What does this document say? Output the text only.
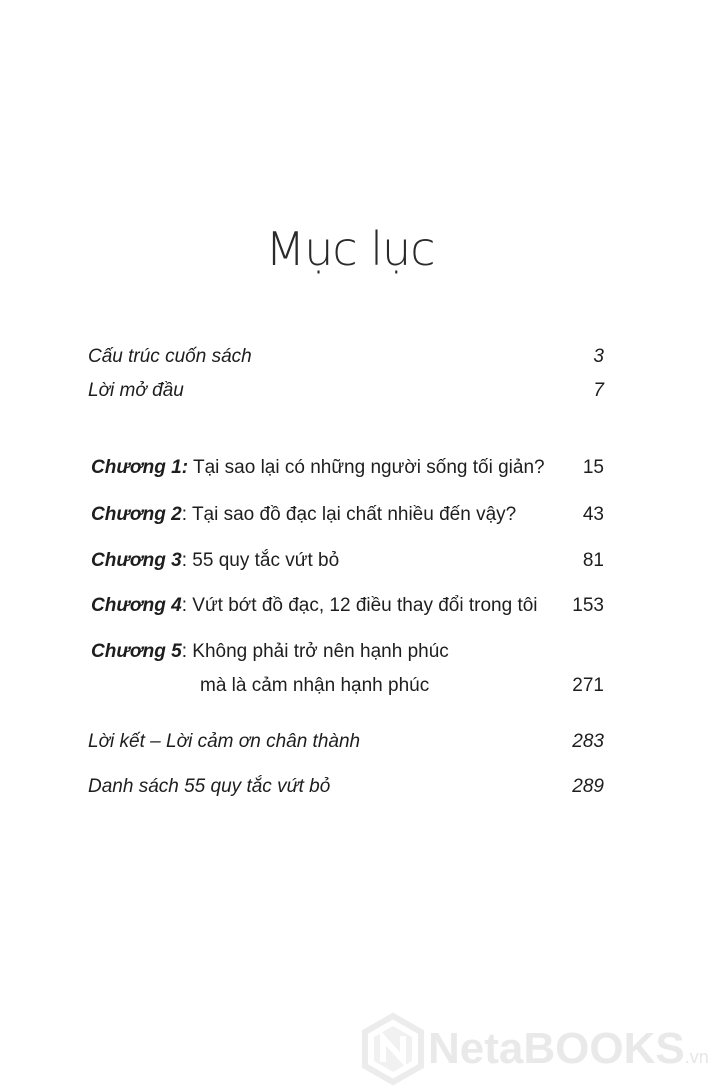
Mục lục
Cấu trúc cuốn sách	3
Lời mở đầu	7
Chương 1: Tại sao lại có những người sống tối giản? 15
Chương 2: Tại sao đồ đạc lại chất nhiều đến vậy?	43
Chương 3: 55 quy tắc vứt bỏ	81
Chương 4: Vứt bớt đồ đạc, 12 điều thay đổi trong tôi 153
Chương 5: Không phải trở nên hạnh phúc
mà là cảm nhận hạnh phúc	271
Lời kết – Lời cảm ơn chân thành	283
Danh sách 55 quy tắc vứt bỏ	289
NetaBOOKS.vn
